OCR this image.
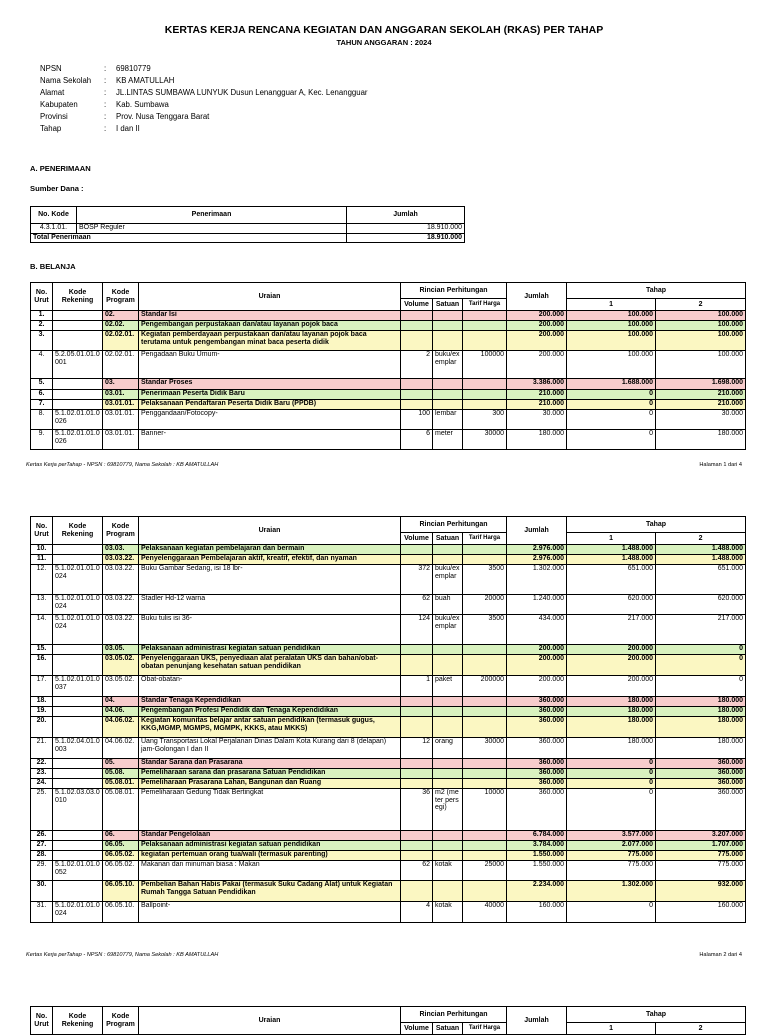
KERTAS KERJA RENCANA KEGIATAN DAN ANGGARAN SEKOLAH (RKAS) PER TAHAP
TAHUN ANGGARAN : 2024
NPSN	: 69810779
Nama Sekolah : KB AMATULLAH
Alamat	: JL.LINTAS SUMBAWA LUNYUK Dusun Lenangguar A, Kec. Lenangguar
Kabupaten	: Kab. Sumbawa
Provinsi	: Prov. Nusa Tenggara Barat
Tahap	: I dan II
A. PENERIMAAN
Sumber Dana :
No. Kode	Penerimaan	Jumlah
4.3.1.01.	BOSP Reguler	18.910.000
Total Penerimaan		18.910.000
B. BELANJA
No. Urut	Kode Rekening	Kode Program	Uraian	Rincian Perhitungan			Jumlah	Tahap	
				Volume	Satuan	Tarif Harga		1	2
1.		02.	Standar Isi				200.000	100.000	100.000
2.		02.02.	Pengembangan perpustakaan dan/atau layanan pojok baca				200.000	100.000	100.000
3.		02.02.01.	Kegiatan pemberdayaan perpustakaan dan/atau layanan pojok baca terutama untuk pengembangan minat baca peserta didik				200.000	100.000	100.000
4.	5.2.05.01.01.0001	02.02.01.	Pengadaan Buku Umum-	2	buku/exemplar	100000	200.000	100.000	100.000
5.		03.	Standar Proses				3.386.000	1.688.000	1.698.000
6.		03.01.	Penerimaan Peserta Didik Baru				210.000	0	210.000
7.		03.01.01.	Pelaksanaan Pendaftaran Peserta Didik Baru (PPDB)				210.000	0	210.000
8.	5.1.02.01.01.0026	03.01.01.	Penggandaan/Fotocopy-	100	lembar	300	30.000	0	30.000
9.	5.1.02.01.01.0026	03.01.01.	Banner-	6	meter	30000	180.000	0	180.000
Kertas Kerja perTahap - NPSN : 69810779, Nama Sekolah : KB AMATULLAH	Halaman 1 dari 4
No. Urut	Kode Rekening	Kode Program	Uraian	Rincian Perhitungan			Jumlah	Tahap	
				Volume	Satuan	Tarif Harga		1	2
10.		03.03.	Pelaksanaan kegiatan pembelajaran dan bermain				2.976.000	1.488.000	1.488.000
11.		03.03.22.	Penyelenggaraan Pembelajaran aktif, kreatif, efektif, dan nyaman				2.976.000	1.488.000	1.488.000
12.	5.1.02.01.01.0024	03.03.22.	Buku Gambar Sedang, isi 18 lbr-	372	buku/exemplar	3500	1.302.000	651.000	651.000
13.	5.1.02.01.01.0024	03.03.22.	Stadler Hd-12 warna	62	buah	20000	1.240.000	620.000	620.000
14.	5.1.02.01.01.0024	03.03.22.	Buku tulis isi 36-	124	buku/exemplar	3500	434.000	217.000	217.000
15.		03.05.	Pelaksanaan administrasi kegiatan satuan pendidikan				200.000	200.000	0
16.		03.05.02.	Penyelenggaraan UKS, penyediaan alat peralatan UKS dan bahan/obat-obatan penunjang kesehatan satuan pendidikan				200.000	200.000	0
17.	5.1.02.01.01.0037	03.05.02.	Obat-obatan-	1	paket	200000	200.000	200.000	0
18.		04.	Standar Tenaga Kependidikan				360.000	180.000	180.000
19.		04.06.	Pengembangan Profesi Pendidik dan Tenaga Kependidikan				360.000	180.000	180.000
20.		04.06.02.	Kegiatan komunitas belajar antar satuan pendidikan (termasuk gugus, KKG,MGMP, MGMPS, MGMPK, KKKS, atau MKKS)				360.000	180.000	180.000
21.	5.1.02.04.01.0003	04.06.02.	Uang Transportasi Lokal Perjalanan Dinas Dalam Kota Kurang dari 8 (delapan) jam-Golongan I dan II	12	orang	30000	360.000	180.000	180.000
22.		05.	Standar Sarana dan Prasarana				360.000	0	360.000
23.		05.08.	Pemeliharaan sarana dan prasarana Satuan Pendidikan				360.000	0	360.000
24.		05.08.01.	Pemeliharaan Prasarana Lahan, Bangunan dan Ruang				360.000	0	360.000
25.	5.1.02.03.03.0010	05.08.01.	Pemeliharaan Gedung Tidak Bertingkat	36	m2 (meter persegi)	10000	360.000	0	360.000
26.		06.	Standar Pengelolaan				6.784.000	3.577.000	3.207.000
27.		06.05.	Pelaksanaan administrasi kegiatan satuan pendidikan				3.784.000	2.077.000	1.707.000
28.		06.05.02.	kegiatan pertemuan orang tua/wali (termasuk parenting)				1.550.000	775.000	775.000
29.	5.1.02.01.01.0052	06.05.02.	Makanan dan minuman biasa : Makan	62	kotak	25000	1.550.000	775.000	775.000
30.		06.05.10.	Pembelian Bahan Habis Pakai (termasuk Suku Cadang Alat) untuk Kegiatan Rumah Tangga Satuan Pendidikan				2.234.000	1.302.000	932.000
31.	5.1.02.01.01.0024	06.05.10.	Ballpoint-	4	kotak	40000	160.000	0	160.000
Kertas Kerja perTahap - NPSN : 69810779, Nama Sekolah : KB AMATULLAH	Halaman 2 dari 4
No. Urut	Kode Rekening	Kode Program	Uraian	Rincian Perhitungan			Jumlah	Tahap	
				Volume	Satuan	Tarif Harga		1	2
